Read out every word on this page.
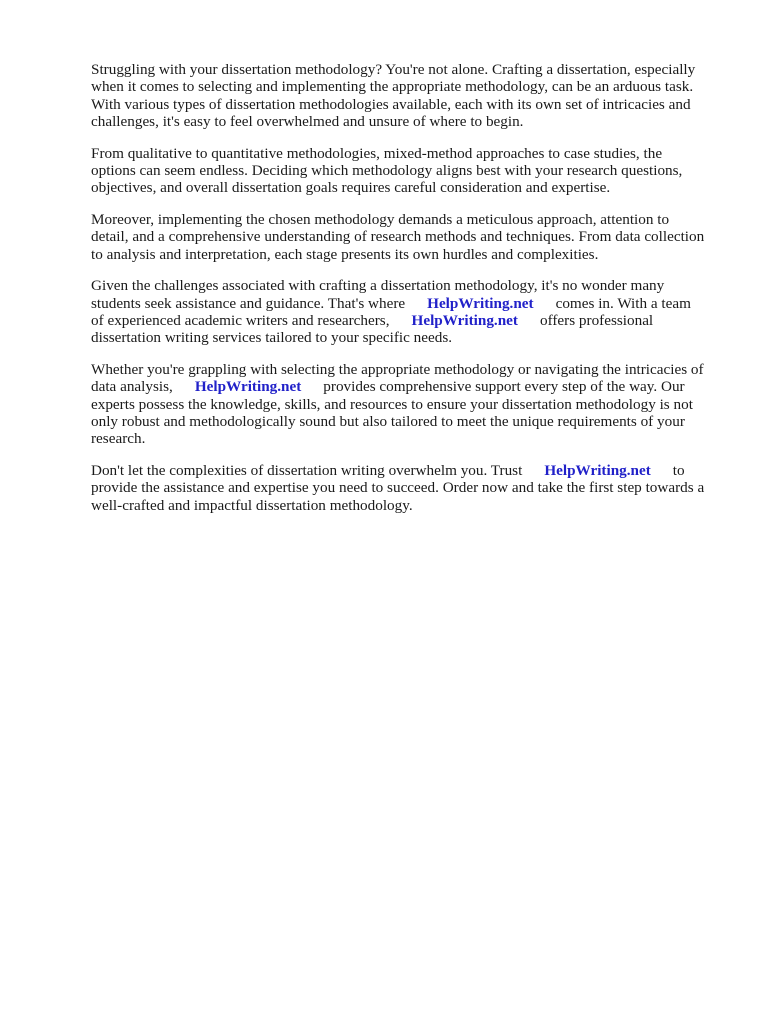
Struggling with your dissertation methodology? You're not alone. Crafting a dissertation, especially
when it comes to selecting and implementing the appropriate methodology, can be an arduous task.
With various types of dissertation methodologies available, each with its own set of intricacies and
challenges, it's easy to feel overwhelmed and unsure of where to begin.
From qualitative to quantitative methodologies, mixed-method approaches to case studies, the
options can seem endless. Deciding which methodology aligns best with your research questions,
objectives, and overall dissertation goals requires careful consideration and expertise.
Moreover, implementing the chosen methodology demands a meticulous approach, attention to
detail, and a comprehensive understanding of research methods and techniques. From data collection
to analysis and interpretation, each stage presents its own hurdles and complexities.
Given the challenges associated with crafting a dissertation methodology, it's no wonder many
students seek assistance and guidance. That's where HelpWriting.net comes in. With a team
of experienced academic writers and researchers, HelpWriting.net offers professional
dissertation writing services tailored to your specific needs.
Whether you're grappling with selecting the appropriate methodology or navigating the intricacies of
data analysis, HelpWriting.net provides comprehensive support every step of the way. Our
experts possess the knowledge, skills, and resources to ensure your dissertation methodology is not
only robust and methodologically sound but also tailored to meet the unique requirements of your
research.
Don't let the complexities of dissertation writing overwhelm you. Trust HelpWriting.net to
provide the assistance and expertise you need to succeed. Order now and take the first step towards a
well-crafted and impactful dissertation methodology.
